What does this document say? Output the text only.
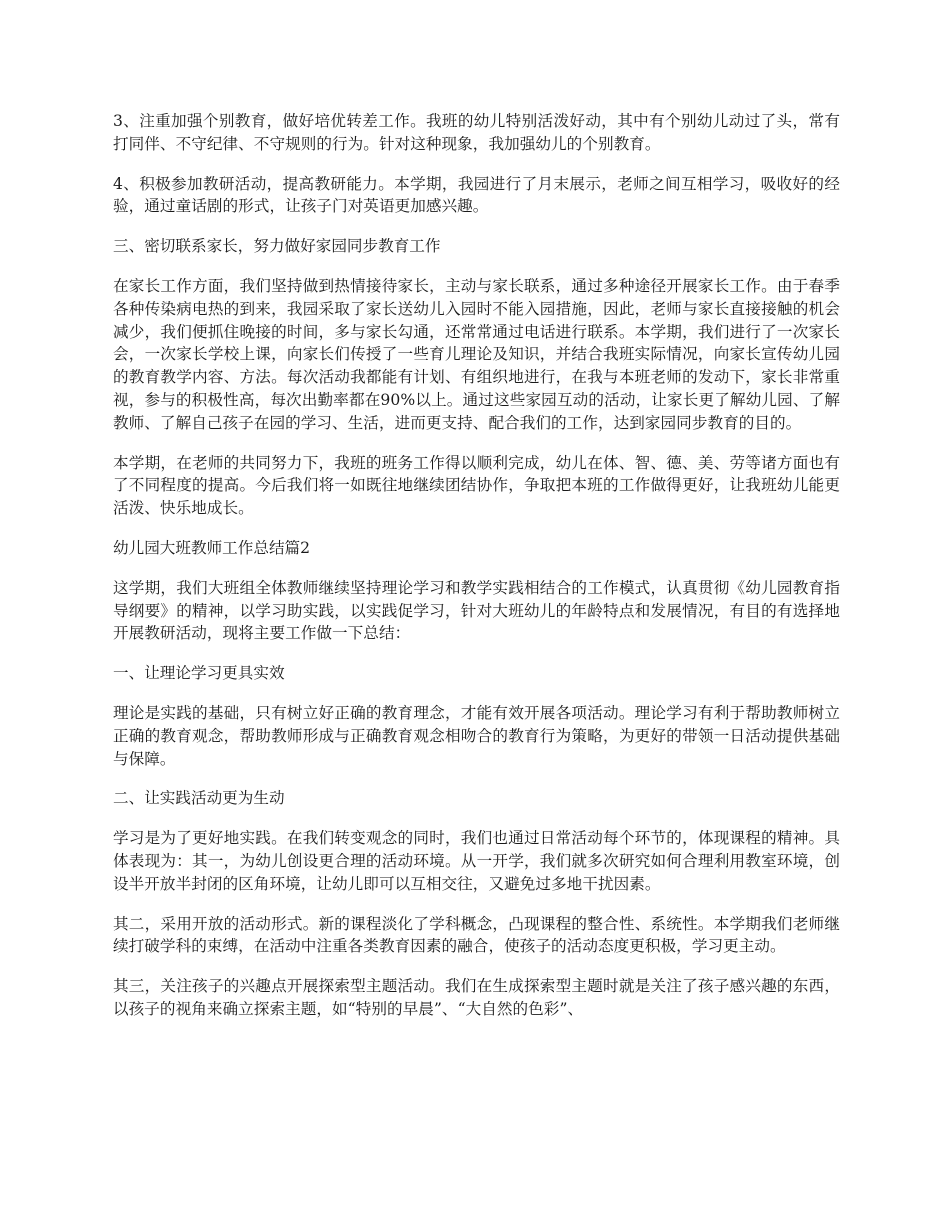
3、注重加强个别教育，做好培优转差工作。我班的幼儿特别活泼好动，其中有个别幼儿动过了头，常有打同伴、不守纪律、不守规则的行为。针对这种现象，我加强幼儿的个别教育。

4、积极参加教研活动，提高教研能力。本学期，我园进行了月末展示，老师之间互相学习，吸收好的经验，通过童话剧的形式，让孩子门对英语更加感兴趣。

三、密切联系家长，努力做好家园同步教育工作

在家长工作方面，我们坚持做到热情接待家长，主动与家长联系，通过多种途径开展家长工作。由于春季各种传染病电热的到来，我园采取了家长送幼儿入园时不能入园措施，因此，老师与家长直接接触的机会减少，我们便抓住晚接的时间，多与家长勾通，还常常通过电话进行联系。本学期，我们进行了一次家长会，一次家长学校上课，向家长们传授了一些育儿理论及知识，并结合我班实际情况，向家长宣传幼儿园的教育教学内容、方法。每次活动我都能有计划、有组织地进行，在我与本班老师的发动下，家长非常重视，参与的积极性高，每次出勤率都在90%以上。通过这些家园互动的活动，让家长更了解幼儿园、了解教师、了解自己孩子在园的学习、生活，进而更支持、配合我们的工作，达到家园同步教育的目的。

本学期，在老师的共同努力下，我班的班务工作得以顺利完成，幼儿在体、智、德、美、劳等诸方面也有了不同程度的提高。今后我们将一如既往地继续团结协作，争取把本班的工作做得更好，让我班幼儿能更活泼、快乐地成长。

幼儿园大班教师工作总结篇2

这学期，我们大班组全体教师继续坚持理论学习和教学实践相结合的工作模式，认真贯彻《幼儿园教育指导纲要》的精神，以学习助实践，以实践促学习，针对大班幼儿的年龄特点和发展情况，有目的有选择地开展教研活动，现将主要工作做一下总结：

一、让理论学习更具实效

理论是实践的基础，只有树立好正确的教育理念，才能有效开展各项活动。理论学习有利于帮助教师树立正确的教育观念，帮助教师形成与正确教育观念相吻合的教育行为策略，为更好的带领一日活动提供基础与保障。

二、让实践活动更为生动

学习是为了更好地实践。在我们转变观念的同时，我们也通过日常活动每个环节的，体现课程的精神。具体表现为：其一，为幼儿创设更合理的活动环境。从一开学，我们就多次研究如何合理利用教室环境，创设半开放半封闭的区角环境，让幼儿即可以互相交往，又避免过多地干扰因素。

其二，采用开放的活动形式。新的课程淡化了学科概念，凸现课程的整合性、系统性。本学期我们老师继续打破学科的束缚，在活动中注重各类教育因素的融合，使孩子的活动态度更积极，学习更主动。

其三，关注孩子的兴趣点开展探索型主题活动。我们在生成探索型主题时就是关注了孩子感兴趣的东西，以孩子的视角来确立探索主题，如“特别的早晨”、“大自然的色彩”、
